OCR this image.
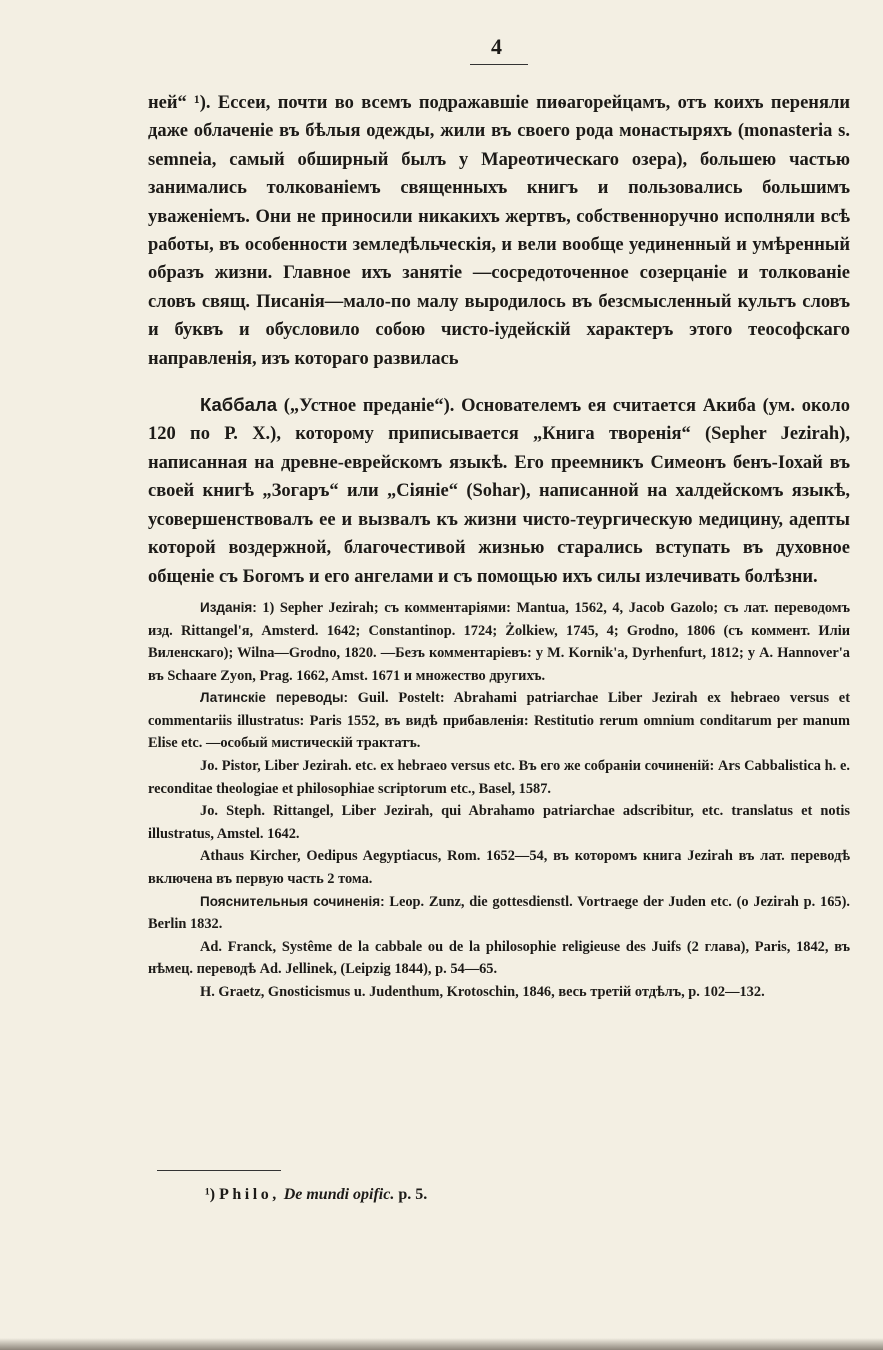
4

ней“ ¹). Ессеи, почти во всемъ подражавшіе пиѳагорейцамъ, отъ коихъ переняли даже облаченіе въ бѣлыя одежды, жили въ своего рода монастыряхъ (monasteria s. semneia, самый обширный былъ у Мареотическаго озера), большею частью занимались толкованіемъ священныхъ книгъ и пользовались большимъ уваженіемъ. Они не приносили никакихъ жертвъ, собственноручно исполняли всѣ работы, въ особенности земледѣльческія, и вели вообще уединенный и умѣренный образъ жизни. Главное ихъ занятіе —сосредоточенное созерцаніе и толкованіе словъ свящ. Писанія—мало-по малу выродилось въ безсмысленный культъ словъ и буквъ и обусловило собою чисто-іудейскій характеръ этого теософскаго направленія, изъ котораго развилась

Каббала („Устное преданіе“). Основателемъ ея считается Акиба (ум. около 120 по Р. Х.), которому приписывается „Книга творенія“ (Sepher Jezirah), написанная на древне-еврейскомъ языкѣ. Его преемникъ Симеонъ бенъ-Іохай въ своей книгѣ „Зогаръ“ или „Сіяніе“ (Sohar), написанной на халдейскомъ языкѣ, усовершенствовалъ ее и вызвалъ къ жизни чисто-теургическую медицину, адепты которой воздержной, благочестивой жизнью старались вступать въ духовное общеніе съ Богомъ и его ангелами и съ помощью ихъ силы излечивать болѣзни.

Изданія: 1) Sepher Jezirah; съ комментаріями: Mantua, 1562, 4, Jacob Gazolo; съ лат. переводомъ изд. Rittangel'я, Amsterd. 1642; Constantinop. 1724; Żolkiew, 1745, 4; Grodno, 1806 (съ коммент. Иліи Виленскаго); Wilna—Grodno, 1820. —Безъ комментаріевъ: у M. Kornik'a, Dyrhenfurt, 1812; у A. Hannover'a въ Schaare Zyon, Prag. 1662, Amst. 1671 и множество другихъ.

Латинскіе переводы: Guil. Postelt: Abrahami patriarchae Liber Jezirah ex hebraeo versus et commentariis illustratus: Paris 1552, въ видѣ прибавленія: Restitutio rerum omnium conditarum per manum Elise etc. —особый мистическій трактатъ.

Jo. Pistor, Liber Jezirah. etc. ex hebraeo versus etc. Въ его же собраніи сочиненій: Ars Cabbalistica h. e. reconditae theologiae et philosophiae scriptorum etc., Basel, 1587.

Jo. Steph. Rittangel, Liber Jezirah, qui Abrahamo patriarchae adscribitur, etc. translatus et notis illustratus, Amstel. 1642.

Athaus Kircher, Oedipus Aegyptiacus, Rom. 1652—54, въ которомъ книга Jezirah въ лат. переводѣ включена въ первую часть 2 тома.

Пояснительныя сочиненія: Leop. Zunz, die gottesdienstl. Vortraege der Juden etc. (o Jezirah p. 165). Berlin 1832.

Ad. Franck, Systême de la cabbale ou de la philosophie religieuse des Juifs (2 глава), Paris, 1842, въ нѣмец. переводѣ Ad. Jellinek, (Leipzig 1844), p. 54—65.

H. Graetz, Gnosticismus u. Judenthum, Krotoschin, 1846, весь третій отдѣлъ, p. 102—132.

¹) Philo, De mundi opific. p. 5.
